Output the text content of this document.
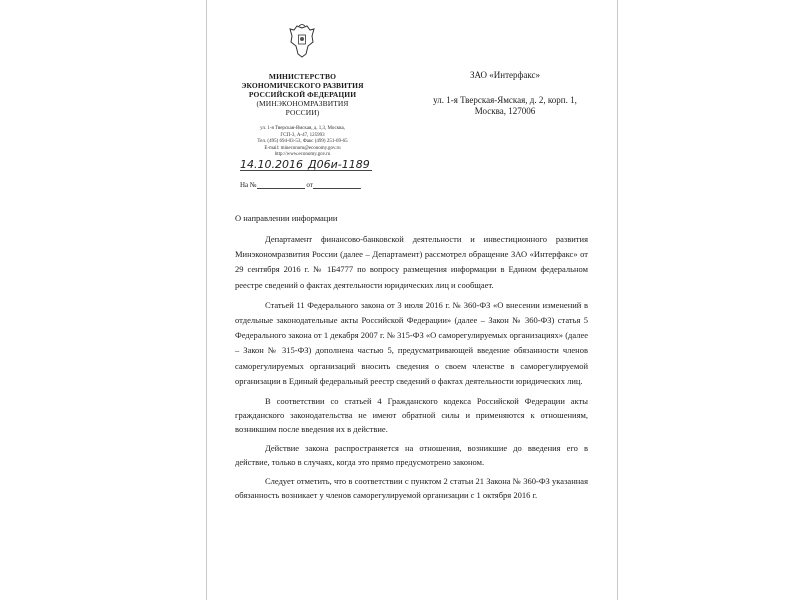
МИНИСТЕРСТВО
ЭКОНОМИЧЕСКОГО РАЗВИТИЯ
РОССИЙСКОЙ ФЕДЕРАЦИИ
(МИНЭКОНОМРАЗВИТИЯ РОССИИ)
ул. 1-я Тверская-Ямская, д. 1,3, Москва,
ГСП-3, А-47, 125993
Тел. (495) 694-03-53, Факс (499) 251-69-65
E-mail: mineconom@economy.gov.ru
http://www.economy.gov.ru
14.10.2016 Д06и-1189
На №	от
ЗАО «Интерфакс»
ул. 1-я Тверская-Ямская, д. 2, корп. 1,
Москва, 127006
О направлении информации

Департамент финансово-банковской деятельности и инвестиционного развития Минэкономразвития России (далее – Департамент) рассмотрел обращение ЗАО «Интерфакс» от 29 сентября 2016 г. № 1Б4777 по вопросу размещения информации в Едином федеральном реестре сведений о фактах деятельности юридических лиц и сообщает.

Статьей 11 Федерального закона от 3 июля 2016 г. № 360-ФЗ «О внесении изменений в отдельные законодательные акты Российской Федерации» (далее – Закон № 360-ФЗ) статья 5 Федерального закона от 1 декабря 2007 г. № 315-ФЗ «О саморегулируемых организациях» (далее – Закон № 315-ФЗ) дополнена частью 5, предусматривающей введение обязанности членов саморегулируемых организаций вносить сведения о своем членстве в саморегулируемой организации в Единый федеральный реестр сведений о фактах деятельности юридических лиц.

В соответствии со статьей 4 Гражданского кодекса Российской Федерации акты гражданского законодательства не имеют обратной силы и применяются к отношениям, возникшим после введения их в действие.

Действие закона распространяется на отношения, возникшие до введения его в действие, только в случаях, когда это прямо предусмотрено законом.

Следует отметить, что в соответствии с пунктом 2 статьи 21 Закона № 360-ФЗ указанная обязанность возникает у членов саморегулируемой организации с 1 октября 2016 г.
